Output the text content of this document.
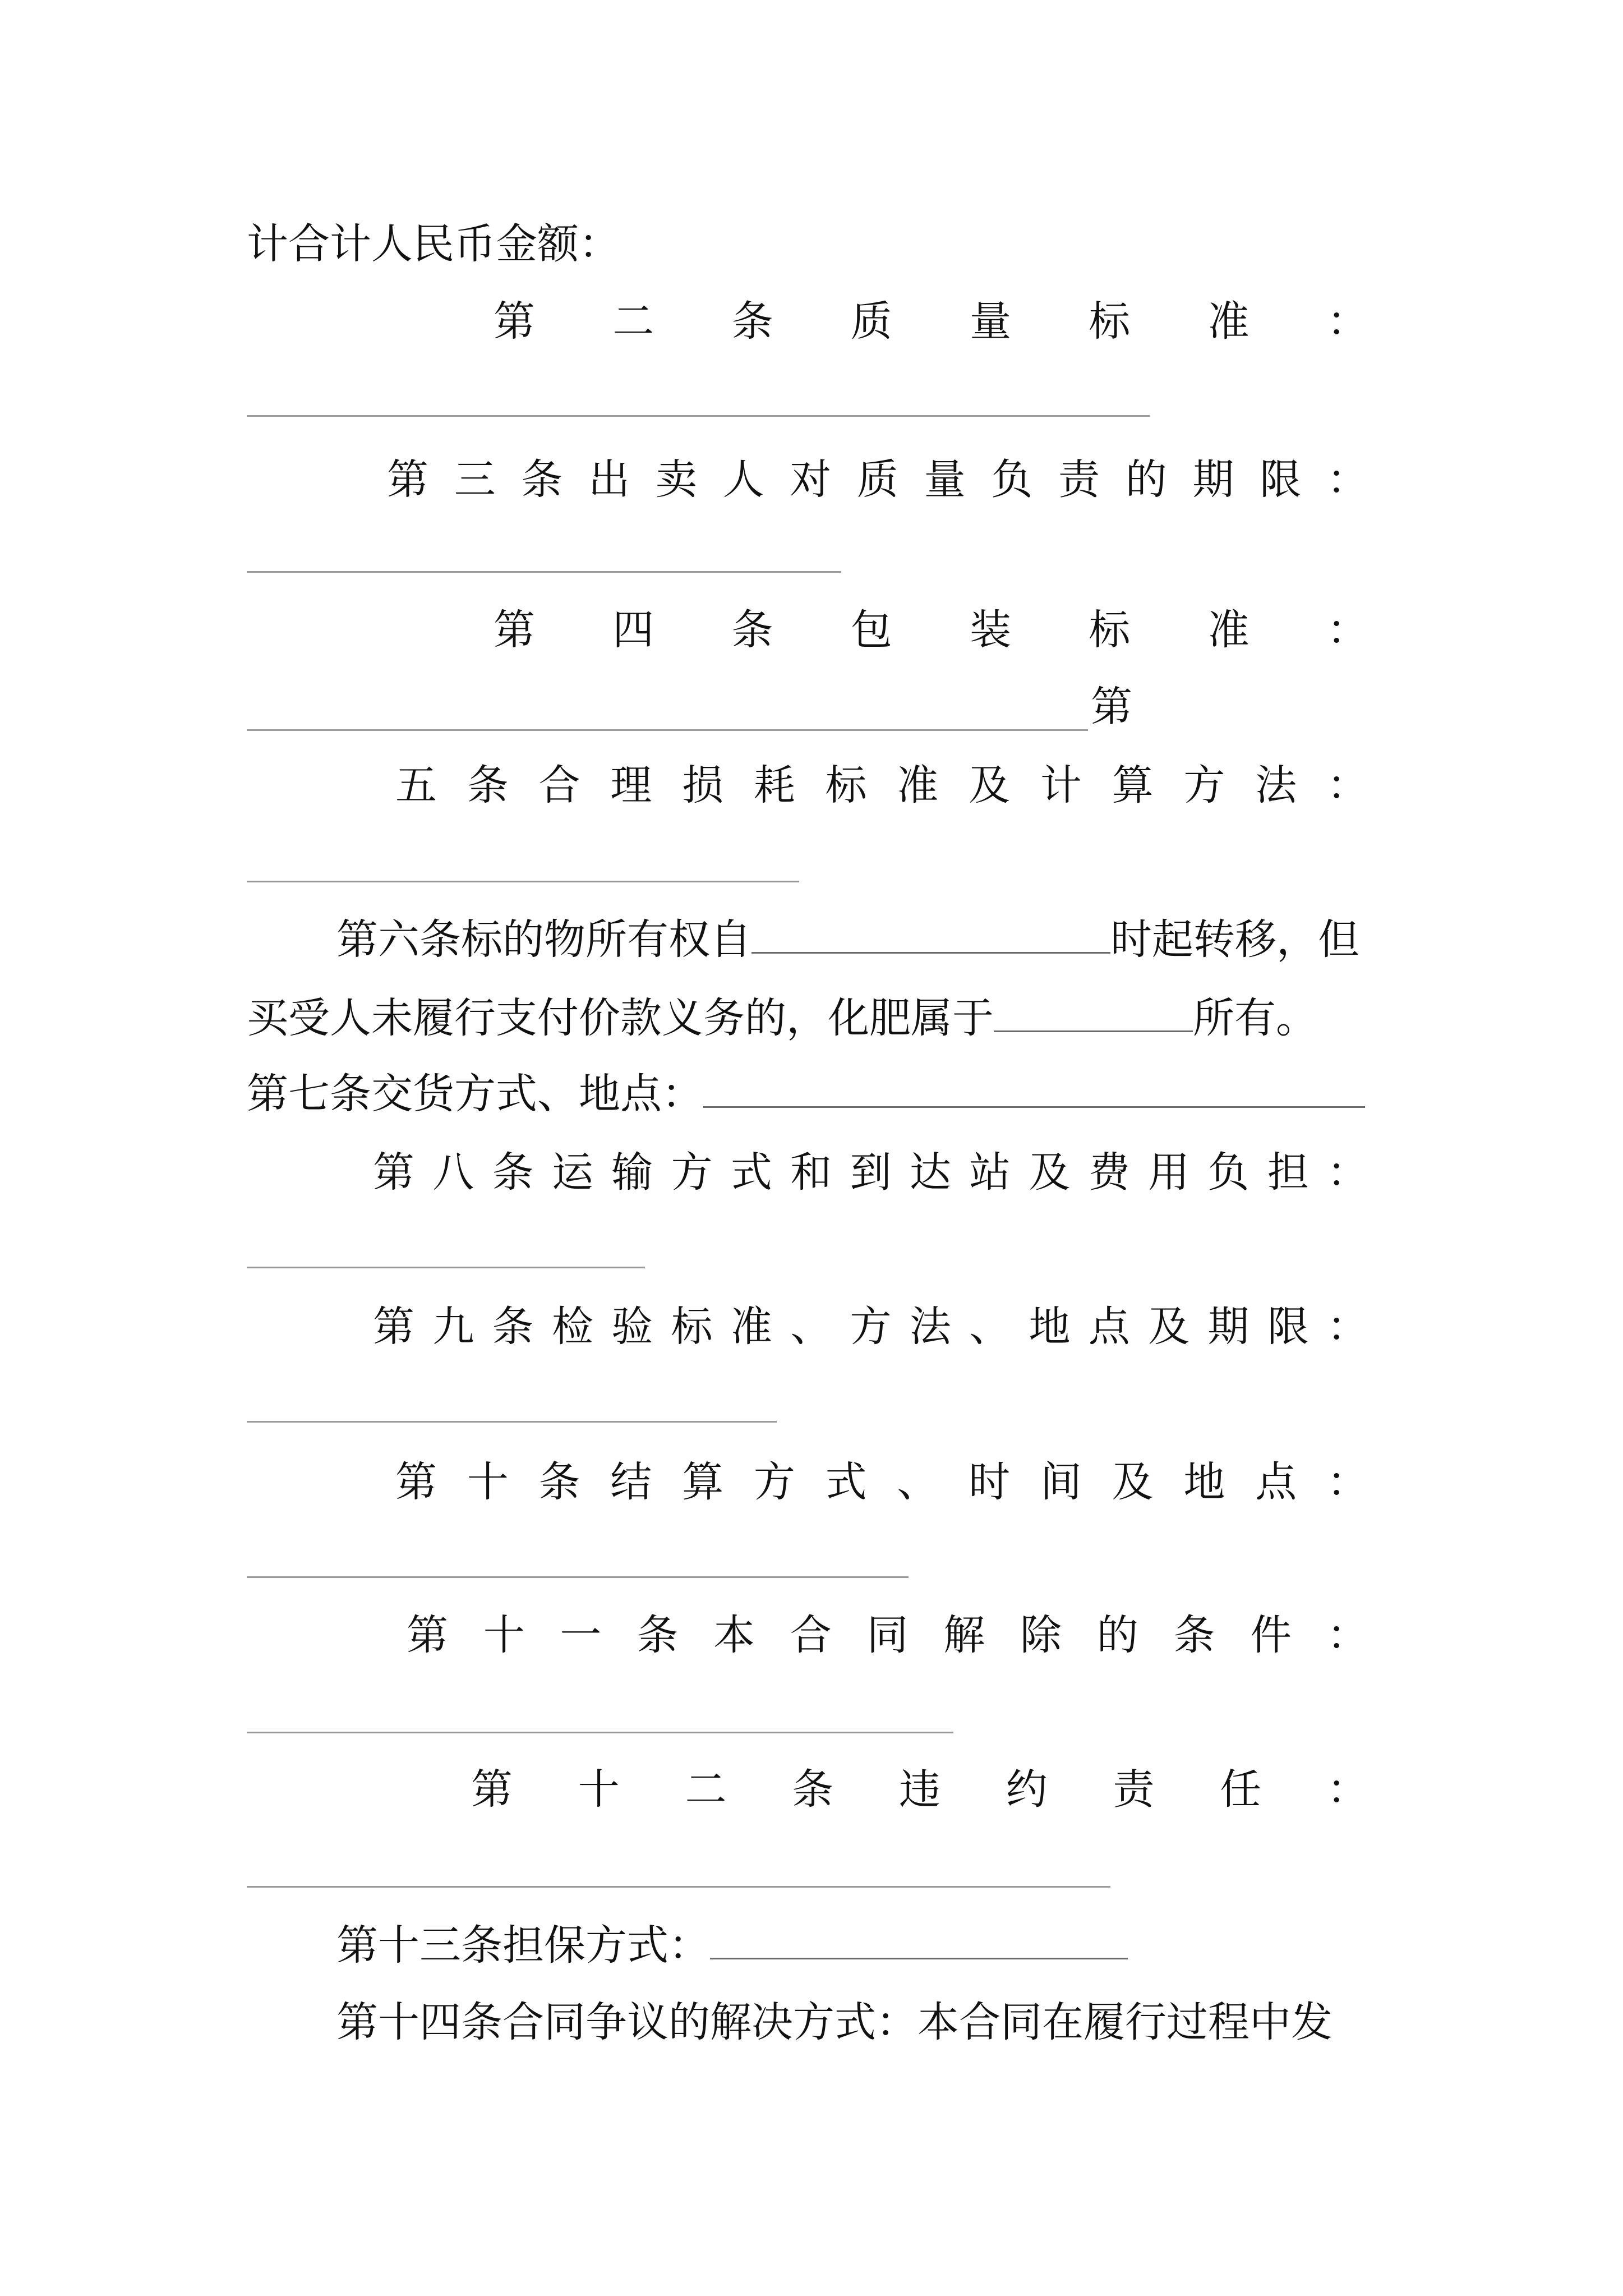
计合计人民币金额：
第 二 条 质 量 标 准 ：
第 三 条 出 卖 人 对 质 量 负 责 的 期 限 ：
第 四 条 包 装 标 准 ：
第
五 条 合 理 损 耗 标 准 及 计 算 方 法 ：
第六条标的物所有权自	时起转移，但
买受人未履行支付价款义务的，化肥属于	所有。
第七条交货方式、地点：
第 八 条 运 输 方 式 和 到 达 站 及 费 用 负 担 ：
第 九 条 检 验 标 准 、 方 法 、 地 点 及 期 限 ：
第 十 条 结 算 方 式 、 时 间 及 地 点 ：
第 十 一 条 本 合 同 解 除 的 条 件 ：
第 十 二 条 违 约 责 任 ：
第十三条担保方式：
第十四条合同争议的解决方式：本合同在履行过程中发
